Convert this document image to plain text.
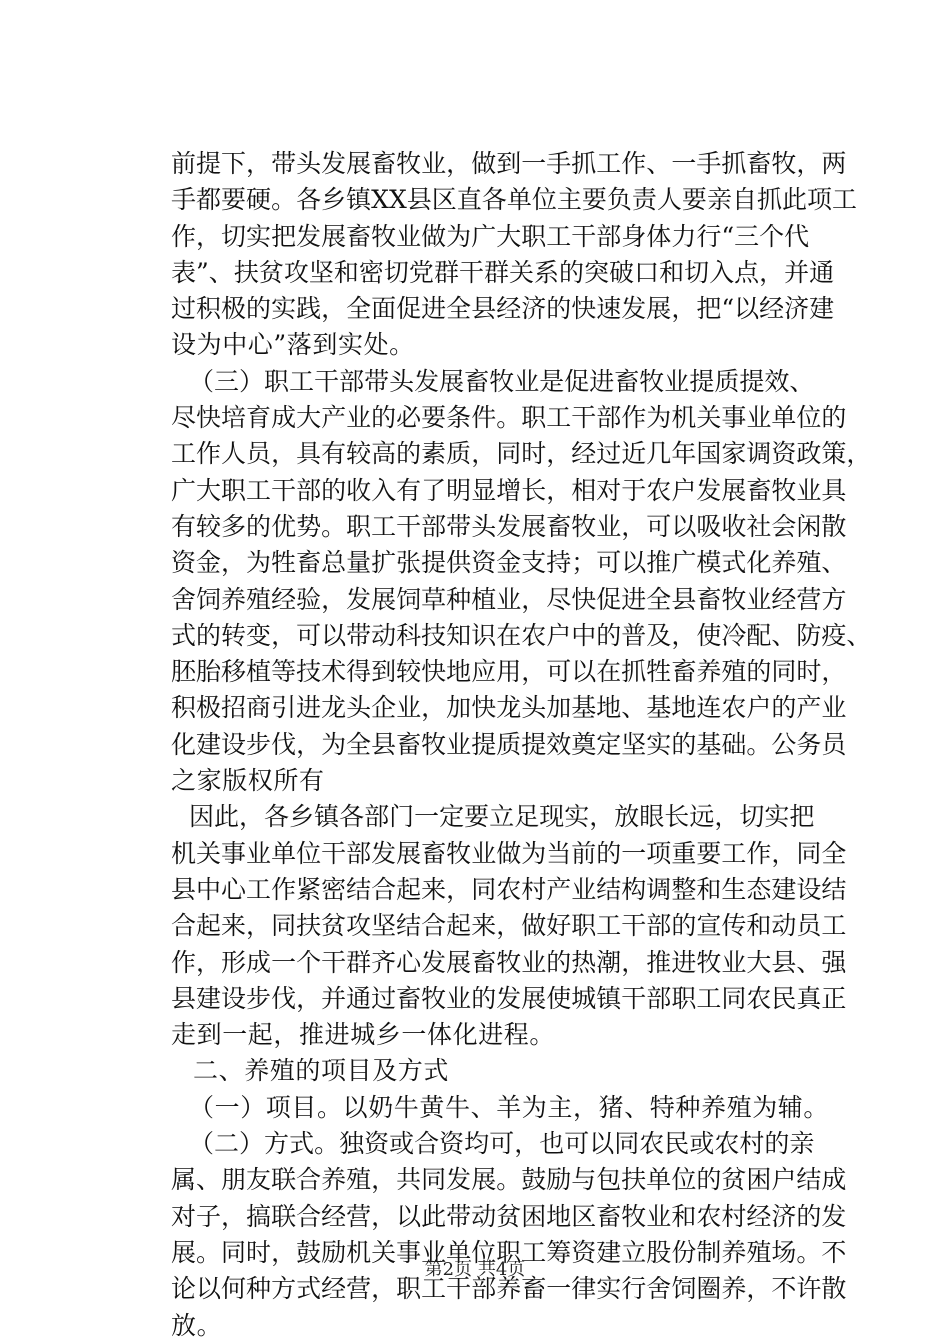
前 提 下 ， 带 头 发 展 畜 牧 业 ， 做 到 一 手 抓 工 作 、 一 手 抓 畜 牧 ， 两
手 都 要 硬 。 各 乡 镇 X X 县 区 直 各 单 位 主 要 负 责 人 要 亲 自 抓 此 项 工
作 ， 切 实 把 发 展 畜 牧 业 做 为 广 大 职 工 干 部 身 体 力 行 “ 三 个 代
表 ” 、 扶 贫 攻 坚 和 密 切 党 群 干 群 关 系 的 突 破 口 和 切 入 点 ， 并 通
过 积 极 的 实 践 ， 全 面 促 进 全 县 经 济 的 快 速 发 展 ， 把 “ 以 经 济 建
设为中心”落到实处。
（ 三 ） 职 工 干 部 带 头 发 展 畜 牧 业 是 促 进 畜 牧 业 提 质 提 效 、
尽 快 培 育 成 大 产 业 的 必 要 条 件 。 职 工 干 部 作 为 机 关 事 业 单 位 的
工 作 人 员 ， 具 有 较 高 的 素 质 ， 同 时 ， 经 过 近 几 年 国 家 调 资 政 策 ，
广 大 职 工 干 部 的 收 入 有 了 明 显 增 长 ， 相 对 于 农 户 发 展 畜 牧 业 具
有 较 多 的 优 势 。 职 工 干 部 带 头 发 展 畜 牧 业 ， 可 以 吸 收 社 会 闲 散
资 金 ， 为 牲 畜 总 量 扩 张 提 供 资 金 支 持 ； 可 以 推 广 模 式 化 养 殖 、
舍 饲 养 殖 经 验 ， 发 展 饲 草 种 植 业 ， 尽 快 促 进 全 县 畜 牧 业 经 营 方
式 的 转 变 ， 可 以 带 动 科 技 知 识 在 农 户 中 的 普 及 ， 使 冷 配 、 防 疫 、
胚 胎 移 植 等 技 术 得 到 较 快 地 应 用 ， 可 以 在 抓 牲 畜 养 殖 的 同 时 ，
积 极 招 商 引 进 龙 头 企 业 ， 加 快 龙 头 加 基 地 、 基 地 连 农 户 的 产 业
化 建 设 步 伐 ， 为 全 县 畜 牧 业 提 质 提 效 奠 定 坚 实 的 基 础 。 公 务 员
之家版权所有
因 此 ， 各 乡 镇 各 部 门 一 定 要 立 足 现 实 ， 放 眼 长 远 ， 切 实 把
机 关 事 业 单 位 干 部 发 展 畜 牧 业 做 为 当 前 的 一 项 重 要 工 作 ， 同 全
县 中 心 工 作 紧 密 结 合 起 来 ， 同 农 村 产 业 结 构 调 整 和 生 态 建 设 结
合 起 来 ， 同 扶 贫 攻 坚 结 合 起 来 ， 做 好 职 工 干 部 的 宣 传 和 动 员 工
作 ， 形 成 一 个 干 群 齐 心 发 展 畜 牧 业 的 热 潮 ， 推 进 牧 业 大 县 、 强
县 建 设 步 伐 ， 并 通 过 畜 牧 业 的 发 展 使 城 镇 干 部 职 工 同 农 民 真 正
走到一起，推进城乡一体化进程。
二、养殖的项目及方式
（一）项目。以奶牛黄牛、羊为主，猪、特种养殖为辅。
（ 二 ） 方 式 。 独 资 或 合 资 均 可 ， 也 可 以 同 农 民 或 农 村 的 亲
属 、 朋 友 联 合 养 殖 ， 共 同 发 展 。 鼓 励 与 包 扶 单 位 的 贫 困 户 结 成
对 子 ， 搞 联 合 经 营 ， 以 此 带 动 贫 困 地 区 畜 牧 业 和 农 村 经 济 的 发
展 。 同 时 ， 鼓 励 机 关 事 业 单 位 职 工 筹 资 建 立 股 份 制 养 殖 场 。 不
论 以 何 种 方 式 经 营 ， 职 工 干 部 养 畜 一 律 实 行 舍 饲 圈 养 ， 不 许 散
放。
第2页 共4页
